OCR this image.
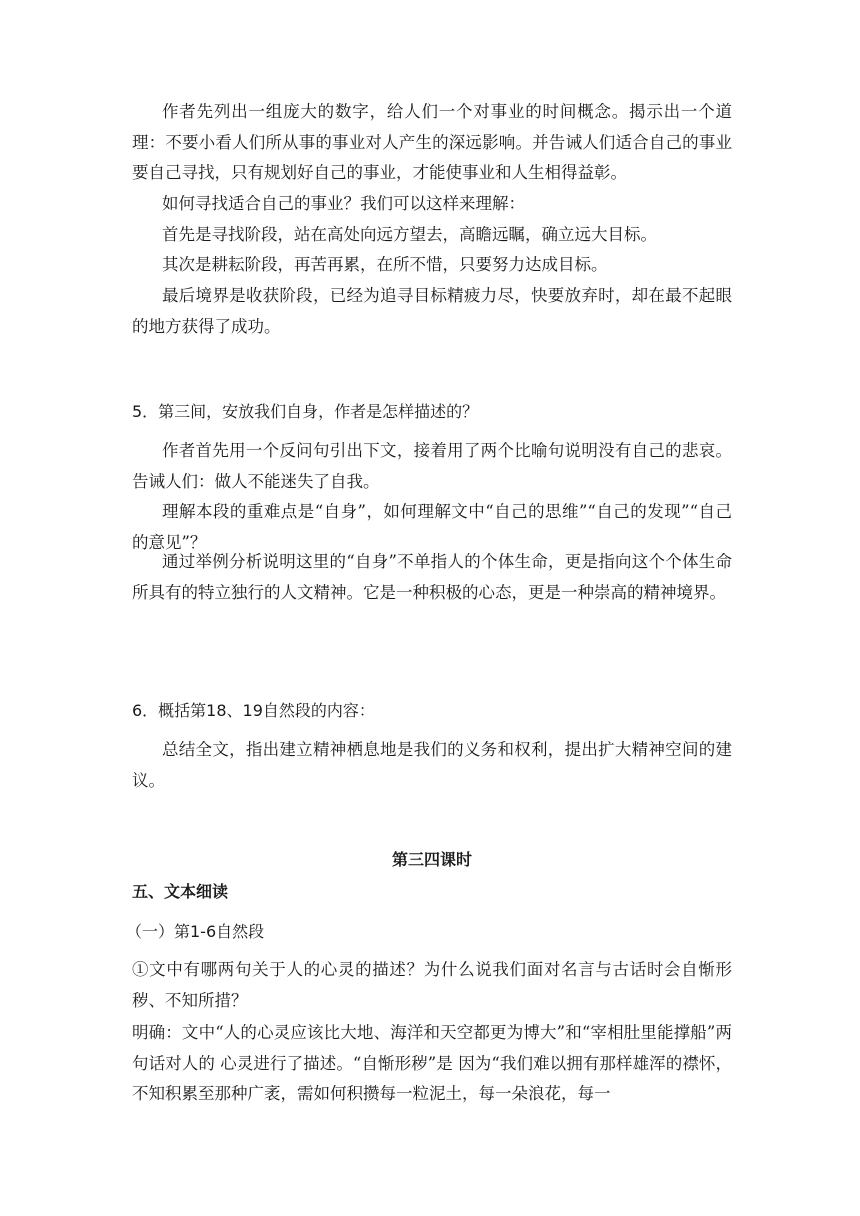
作者先列出一组庞大的数字，给人们一个对事业的时间概念。揭示出一个道理：不要小看人们所从事的事业对人产生的深远影响。并告诫人们适合自己的事业要自己寻找，只有规划好自己的事业，才能使事业和人生相得益彰。

如何寻找适合自己的事业？我们可以这样来理解：

首先是寻找阶段，站在高处向远方望去，高瞻远瞩，确立远大目标。

其次是耕耘阶段，再苦再累，在所不惜，只要努力达成目标。

最后境界是收获阶段，已经为追寻目标精疲力尽，快要放弃时，却在最不起眼的地方获得了成功。

5．第三间，安放我们自身，作者是怎样描述的？

作者首先用一个反问句引出下文，接着用了两个比喻句说明没有自己的悲哀。告诫人们：做人不能迷失了自我。

理解本段的重难点是“自身”，如何理解文中“自己的思维”“自己的发现”“自己的意见”？

通过举例分析说明这里的“自身”不单指人的个体生命，更是指向这个个体生命所具有的特立独行的人文精神。它是一种积极的心态，更是一种崇高的精神境界。

6．概括第18、19自然段的内容：

总结全文，指出建立精神栖息地是我们的义务和权利，提出扩大精神空间的建议。

第三四课时

五、文本细读

（一）第1-6自然段

①文中有哪两句关于人的心灵的描述？为什么说我们面对名言与古话时会自惭形秽、不知所措？

明确：文中“人的心灵应该比大地、海洋和天空都更为博大”和“宰相肚里能撑船”两句话对人的 心灵进行了描述。“自惭形秽”是 因为“我们难以拥有那样雄浑的襟怀，不知积累至那种广袤，需如何积攒每一粒泥土，每一朵浪花，每一
